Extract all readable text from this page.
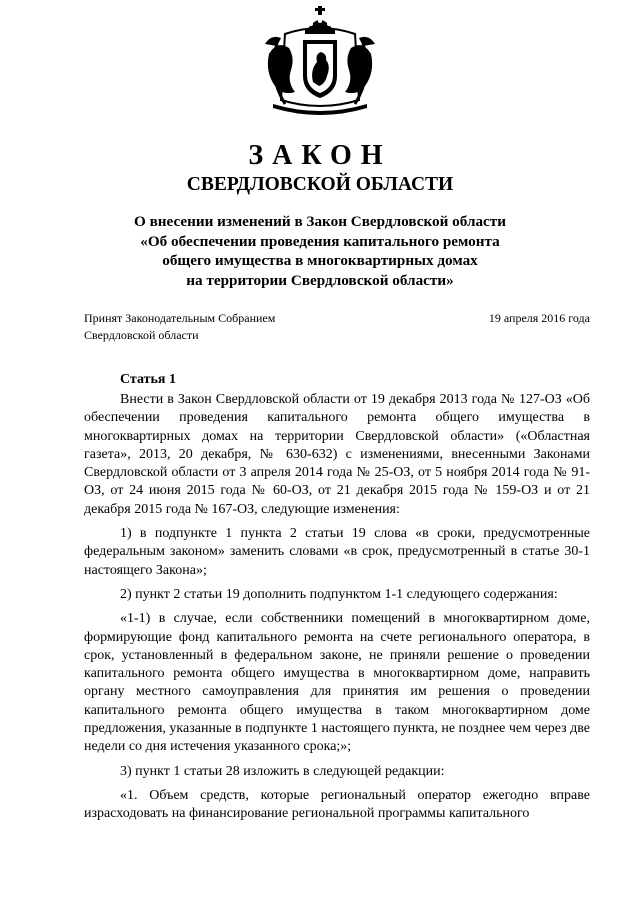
ЗАКОН
СВЕРДЛОВСКОЙ ОБЛАСТИ
О внесении изменений в Закон Свердловской области
«Об обеспечении проведения капитального ремонта
общего имущества в многоквартирных домах
на территории Свердловской области»
Принят Законодательным Собранием
Свердловской области
19 апреля 2016 года
Статья 1

Внести в Закон Свердловской области от 19 декабря 2013 года № 127-ОЗ «Об обеспечении проведения капитального ремонта общего имущества в многоквартирных домах на территории Свердловской области» («Областная газета», 2013, 20 декабря, № 630-632) с изменениями, внесенными Законами Свердловской области от 3 апреля 2014 года № 25-ОЗ, от 5 ноября 2014 года № 91-ОЗ, от 24 июня 2015 года № 60-ОЗ, от 21 декабря 2015 года № 159-ОЗ и от 21 декабря 2015 года № 167-ОЗ, следующие изменения:

1) в подпункте 1 пункта 2 статьи 19 слова «в сроки, предусмотренные федеральным законом» заменить словами «в срок, предусмотренный в статье 30-1 настоящего Закона»;

2) пункт 2 статьи 19 дополнить подпунктом 1-1 следующего содержания:

«1-1) в случае, если собственники помещений в многоквартирном доме, формирующие фонд капитального ремонта на счете регионального оператора, в срок, установленный в федеральном законе, не приняли решение о проведении капитального ремонта общего имущества в многоквартирном доме, направить органу местного самоуправления для принятия им решения о проведении капитального ремонта общего имущества в таком многоквартирном доме предложения, указанные в подпункте 1 настоящего пункта, не позднее чем через две недели со дня истечения указанного срока;»;

3) пункт 1 статьи 28 изложить в следующей редакции:

«1. Объем средств, которые региональный оператор ежегодно вправе израсходовать на финансирование региональной программы капитального
